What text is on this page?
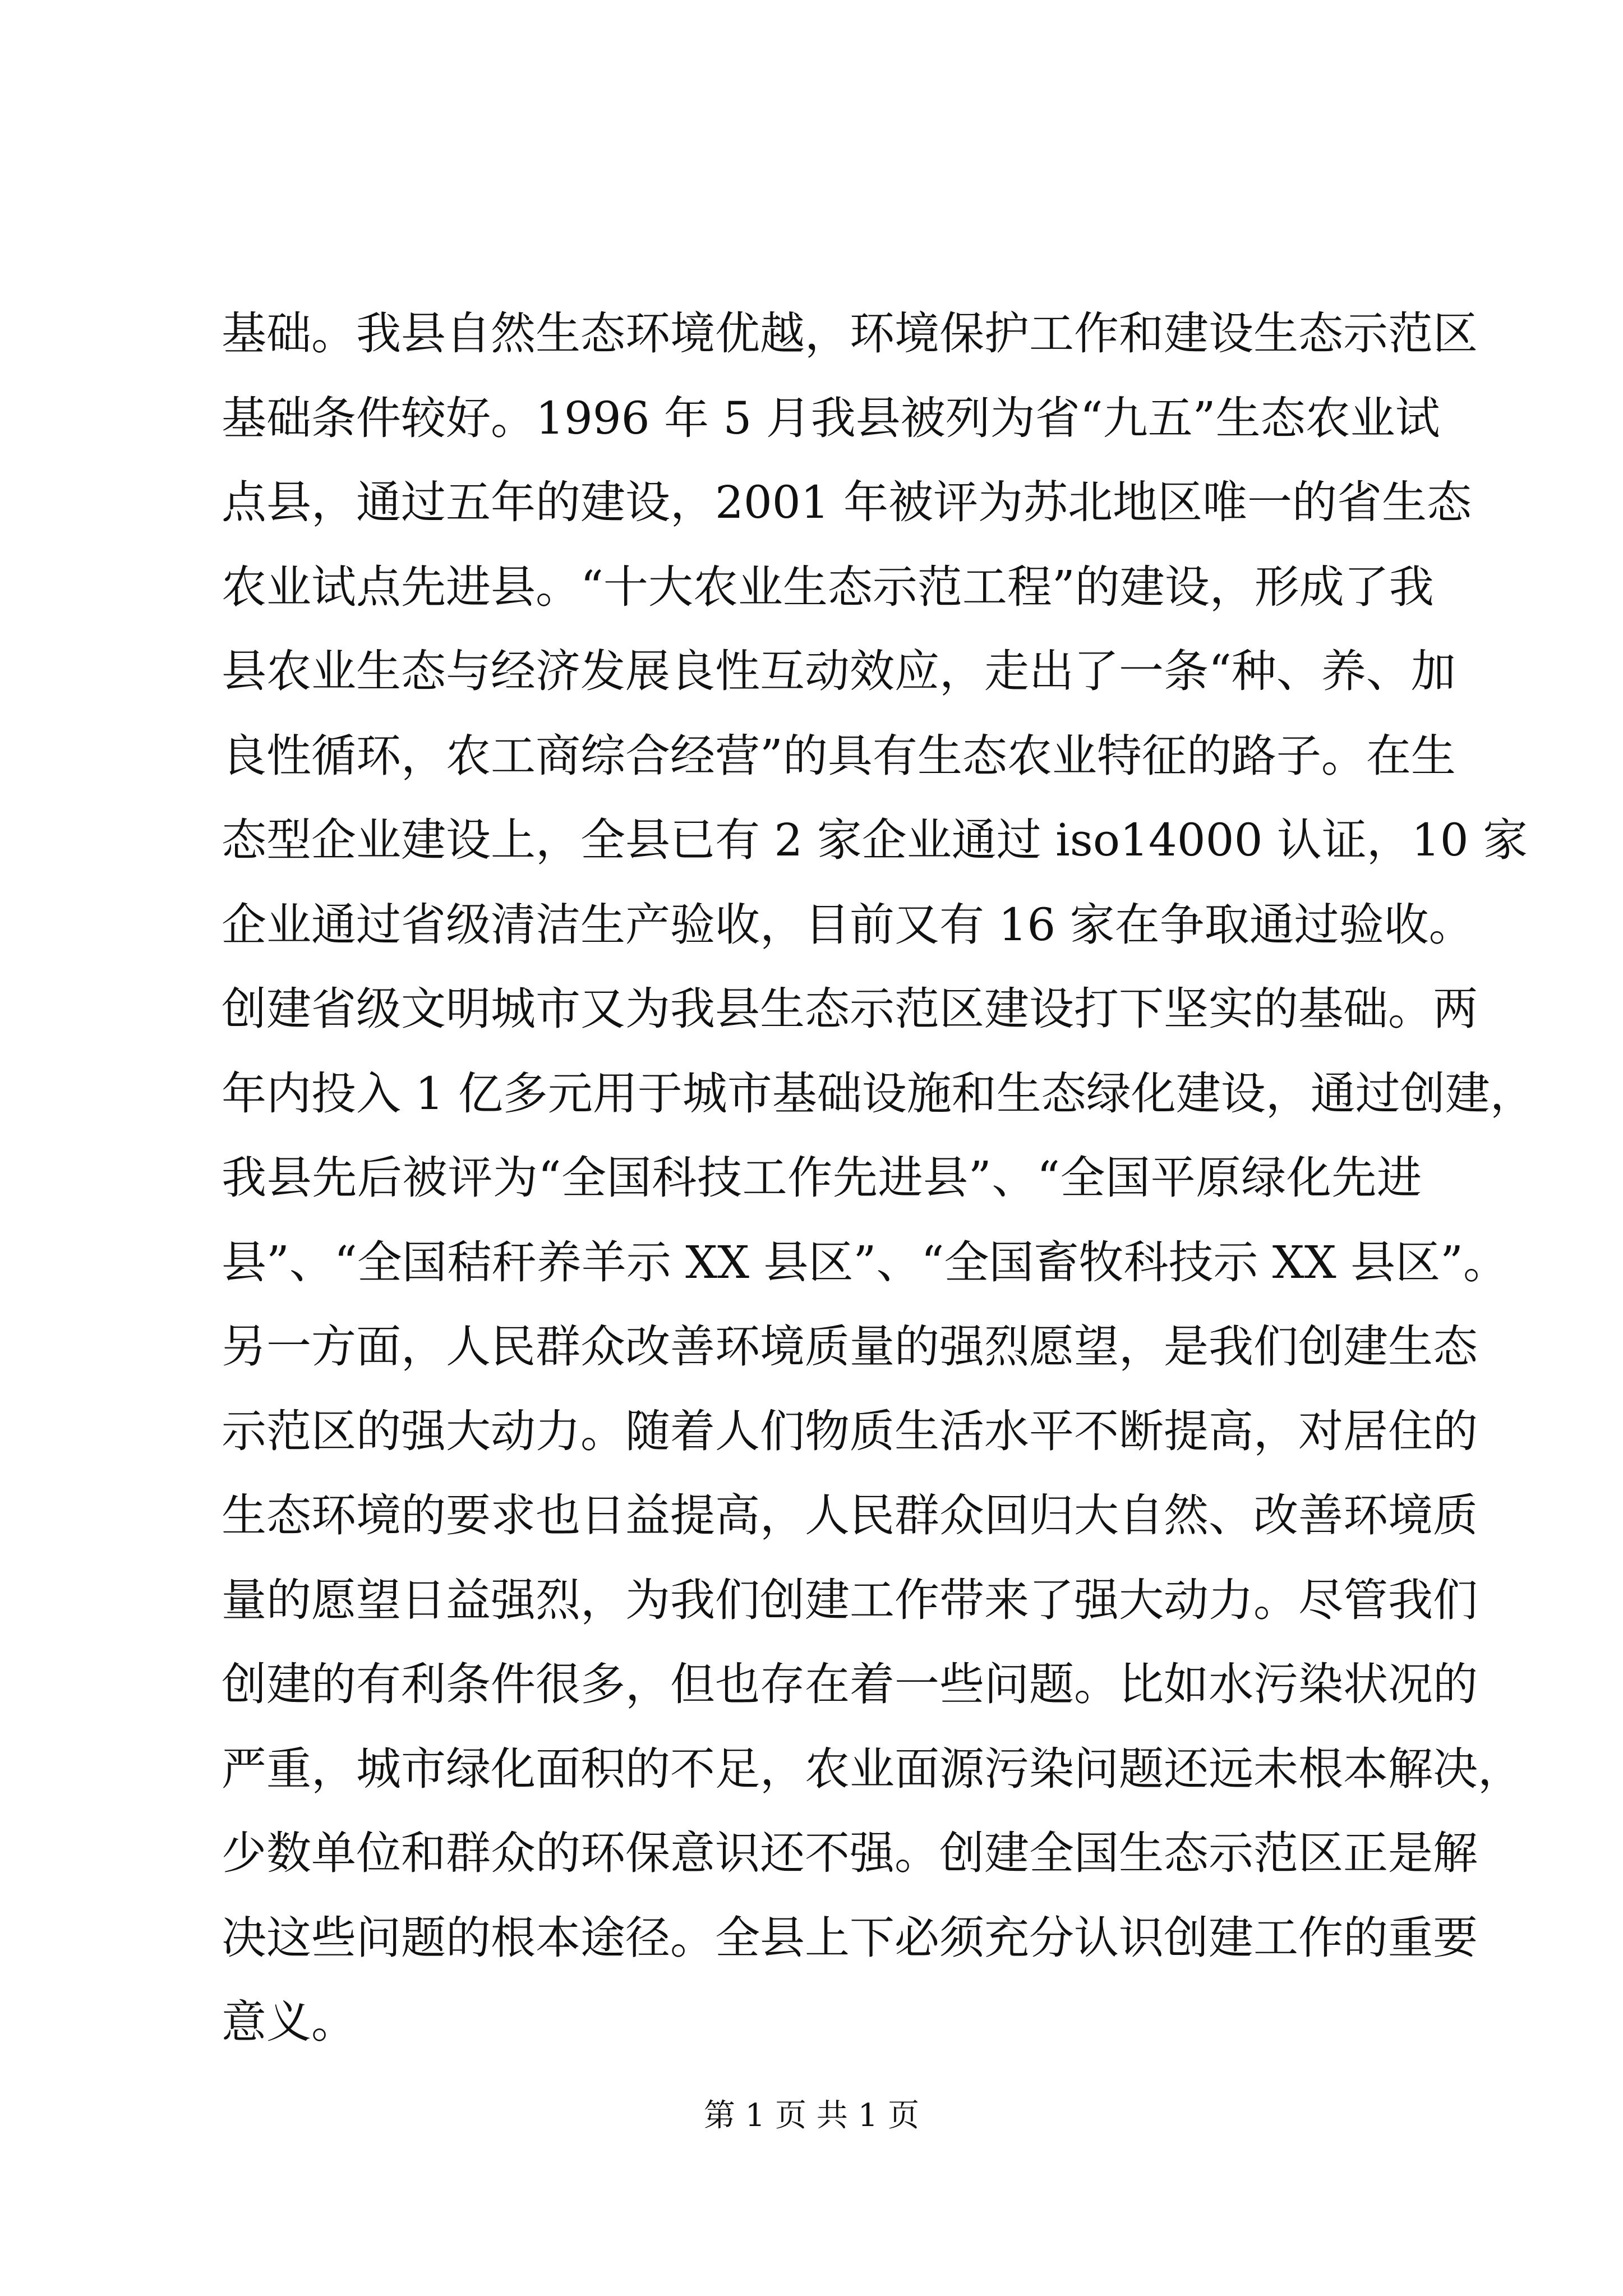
基础。我县自然生态环境优越，环境保护工作和建设生态示范区
基础条件较好。1996 年 5 月我县被列为省“九五”生态农业试
点县，通过五年的建设，2001 年被评为苏北地区唯一的省生态
农业试点先进县。“十大农业生态示范工程”的建设，形成了我
县农业生态与经济发展良性互动效应，走出了一条“种、养、加
良性循环，农工商综合经营”的具有生态农业特征的路子。在生
态型企业建设上，全县已有 2 家企业通过 iso14000 认证，10 家
企业通过省级清洁生产验收，目前又有 16 家在争取通过验收。
创建省级文明城市又为我县生态示范区建设打下坚实的基础。两
年内投入 1 亿多元用于城市基础设施和生态绿化建设，通过创建，
我县先后被评为“全国科技工作先进县”、“全国平原绿化先进
县”、“全国秸秆养羊示 XX 县区”、“全国畜牧科技示 XX 县区”。
另一方面，人民群众改善环境质量的强烈愿望，是我们创建生态
示范区的强大动力。随着人们物质生活水平不断提高，对居住的
生态环境的要求也日益提高，人民群众回归大自然、改善环境质
量的愿望日益强烈，为我们创建工作带来了强大动力。尽管我们
创建的有利条件很多，但也存在着一些问题。比如水污染状况的
严重，城市绿化面积的不足，农业面源污染问题还远未根本解决，
少数单位和群众的环保意识还不强。创建全国生态示范区正是解
决这些问题的根本途径。全县上下必须充分认识创建工作的重要
意义。
第 1 页 共 1 页
